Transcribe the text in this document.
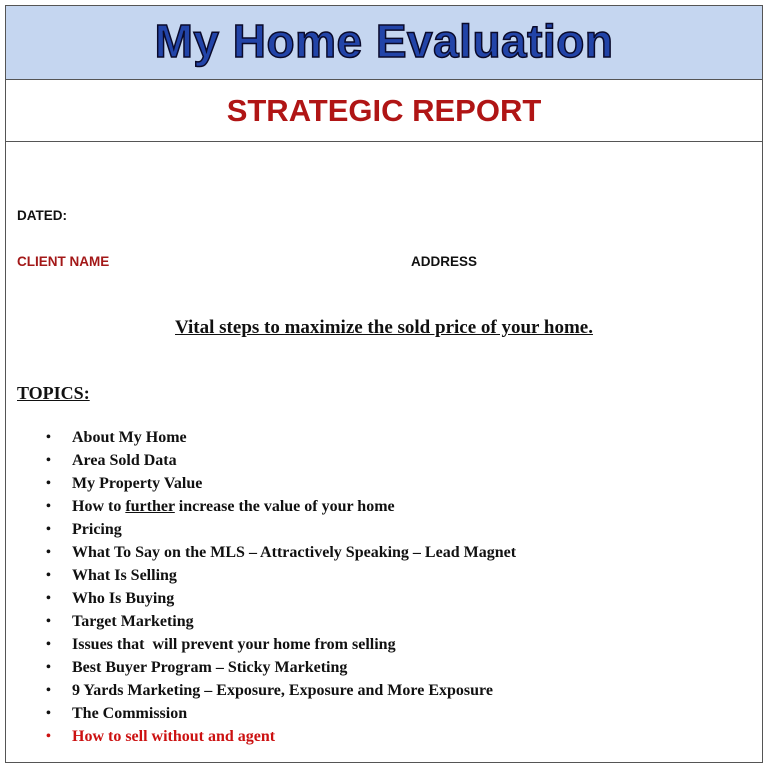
My Home Evaluation
STRATEGIC REPORT
DATED:
CLIENT NAME	ADDRESS
Vital steps to maximize the sold price of your home.
TOPICS:
• About My Home
• Area Sold Data
• My Property Value
• How to further increase the value of your home
• Pricing
• What To Say on the MLS – Attractively Speaking – Lead Magnet
• What Is Selling
• Who Is Buying
• Target Marketing
• Issues that  will prevent your home from selling
• Best Buyer Program – Sticky Marketing
• 9 Yards Marketing – Exposure, Exposure and More Exposure
• The Commission
• How to sell without and agent
